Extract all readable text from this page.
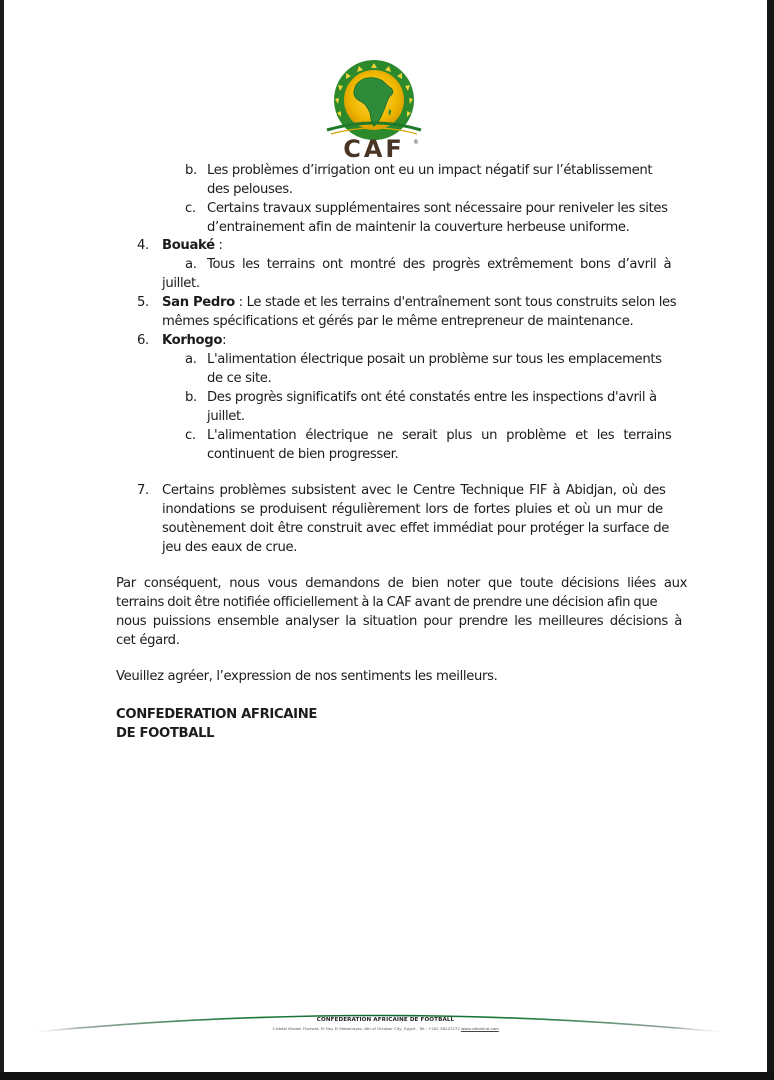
CAF	®
b. Les problèmes d’irrigation ont eu un impact négatif sur l’établissement
des pelouses.
c. Certains travaux supplémentaires sont nécessaire pour reniveler les sites
d’entrainement afin de maintenir la couverture herbeuse uniforme.
4. Bouaké :
a. Tous les terrains ont montré des progrès extrêmement bons d’avril à
juillet.
5. San Pedro : Le stade et les terrains d'entraînement sont tous construits selon les
mêmes spécifications et gérés par le même entrepreneur de maintenance.
6. Korhogo:
a. L'alimentation électrique posait un problème sur tous les emplacements
de ce site.
b. Des progrès significatifs ont été constatés entre les inspections d'avril à
juillet.
c. L'alimentation électrique ne serait plus un problème et les terrains
continuent de bien progresser.
7. Certains problèmes subsistent avec le Centre Technique FIF à Abidjan, où des
inondations se produisent régulièrement lors de fortes pluies et où un mur de
soutènement doit être construit avec effet immédiat pour protéger la surface de
jeu des eaux de crue.
Par conséquent, nous vous demandons de bien noter que toute décisions liées aux
terrains doit être notifiée officiellement à la CAF avant de prendre une décision afin que
nous puissions ensemble analyser la situation pour prendre les meilleures décisions à
cet égard.
Veuillez agréer, l’expression de nos sentiments les meilleurs.
CONFEDERATION AFRICAINE
DE FOOTBALL
CONFEDERATION AFRICAINE DE FOOTBALL
3 Abdel Khalek Tharwat, El Hay El Motamayez, 6th of October City, Egypt - Tel.: +202 38247272 www.cafonline.com
